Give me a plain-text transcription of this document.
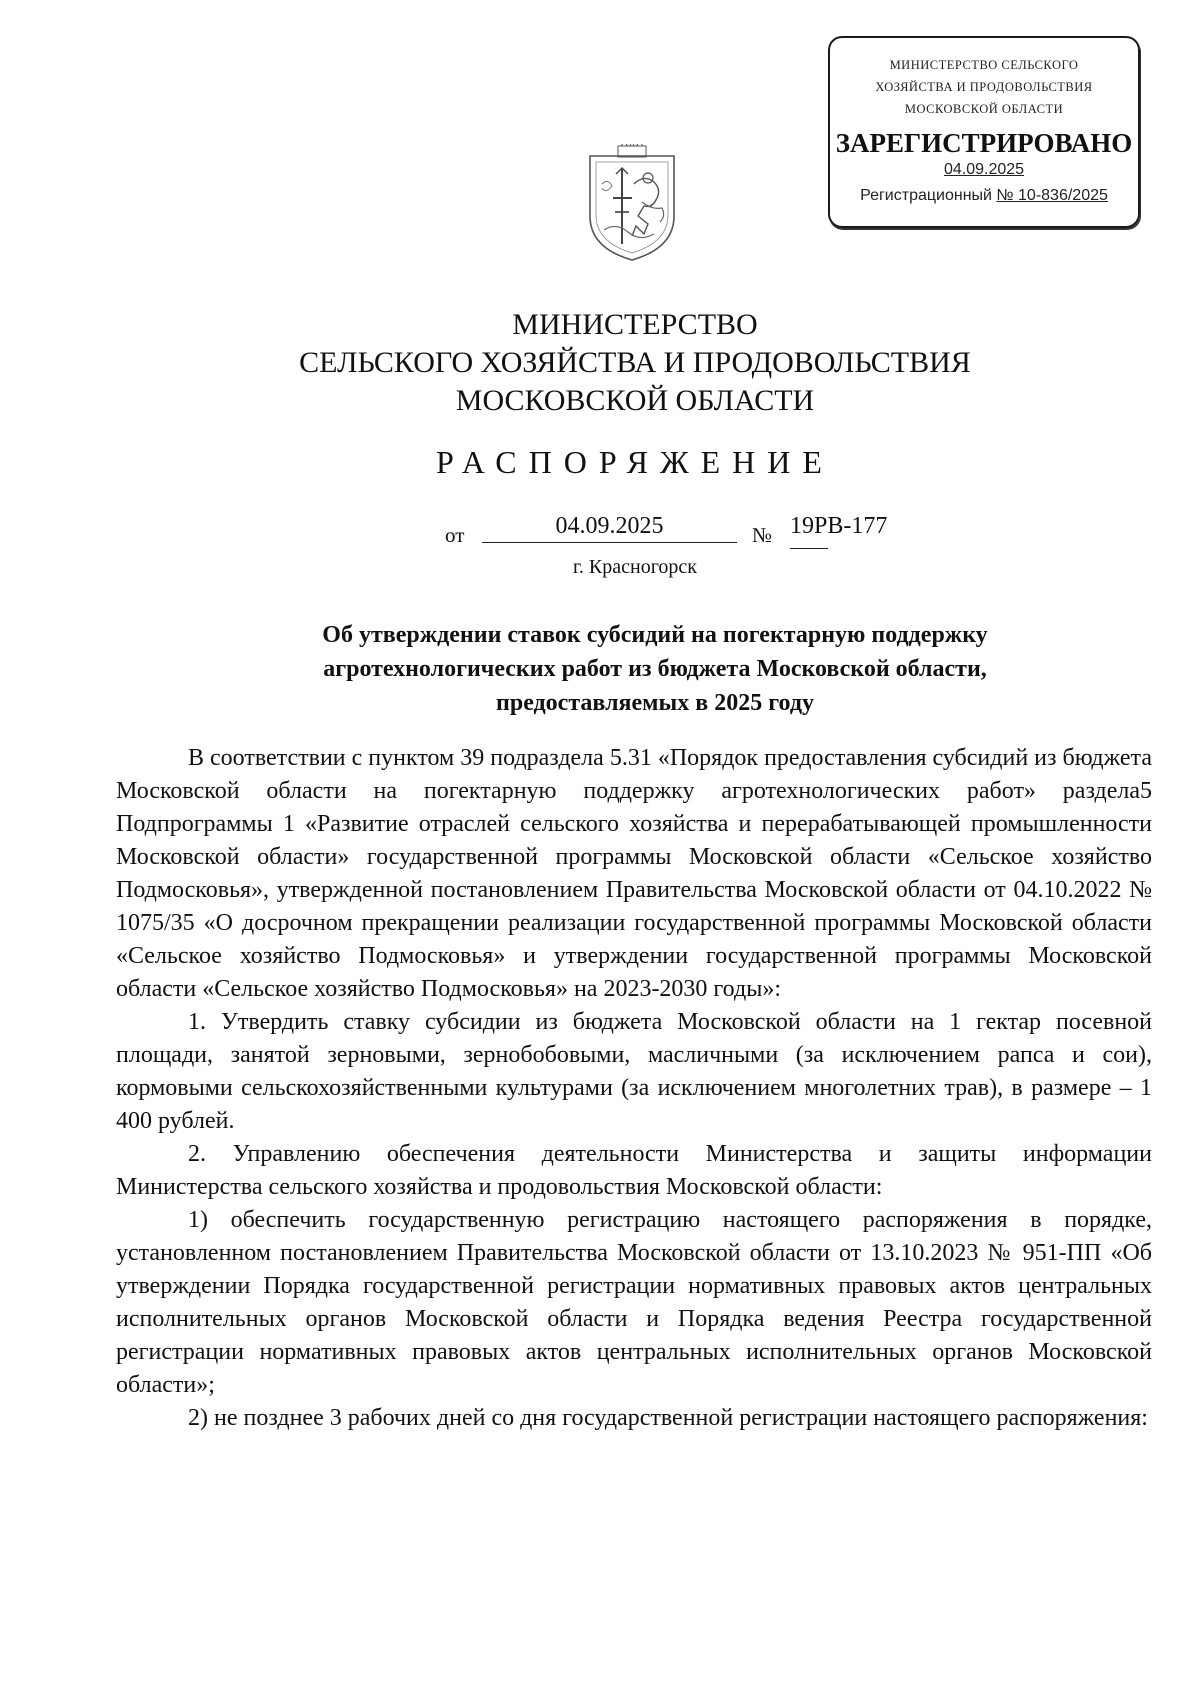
МИНИСТЕРСТВО СЕЛЬСКОГО
ХОЗЯЙСТВА И ПРОДОВОЛЬСТВИЯ
МОСКОВСКОЙ ОБЛАСТИ
ЗАРЕГИСТРИРОВАНО
04.09.2025
Регистрационный № 10-836/2025
МИНИСТЕРСТВО
СЕЛЬСКОГО ХОЗЯЙСТВА И ПРОДОВОЛЬСТВИЯ
МОСКОВСКОЙ ОБЛАСТИ
РАСПОРЯЖЕНИЕ
от	04.09.2025	№ 19РВ-177
г. Красногорск
Об утверждении ставок субсидий на погектарную поддержку
агротехнологических работ из бюджета Московской области,
предоставляемых в 2025 году

В соответствии с пунктом 39 подраздела 5.31 «Порядок предоставления субсидий из бюджета Московской области на погектарную поддержку агротехнологических работ» раздела5 Подпрограммы 1 «Развитие отраслей сельского хозяйства и перерабатывающей промышленности Московской области» государственной программы Московской области «Сельское хозяйство Подмосковья», утвержденной постановлением Правительства Московской области от 04.10.2022 № 1075/35 «О досрочном прекращении реализации государственной программы Московской области «Сельское хозяйство Подмосковья» и утверждении государственной программы Московской области «Сельское хозяйство Подмосковья» на 2023-2030 годы»:

1. Утвердить ставку субсидии из бюджета Московской области на 1 гектар посевной площади, занятой зерновыми, зернобобовыми, масличными (за исключением рапса и сои), кормовыми сельскохозяйственными культурами (за исключением многолетних трав), в размере – 1 400 рублей.

2. Управлению обеспечения деятельности Министерства и защиты информации Министерства сельского хозяйства и продовольствия Московской области:

1) обеспечить государственную регистрацию настоящего распоряжения в порядке, установленном постановлением Правительства Московской области от 13.10.2023 № 951-ПП «Об утверждении Порядка государственной регистрации нормативных правовых актов центральных исполнительных органов Московской области и Порядка ведения Реестра государственной регистрации нормативных правовых актов центральных исполнительных органов Московской области»;

2) не позднее 3 рабочих дней со дня государственной регистрации настоящего распоряжения:
